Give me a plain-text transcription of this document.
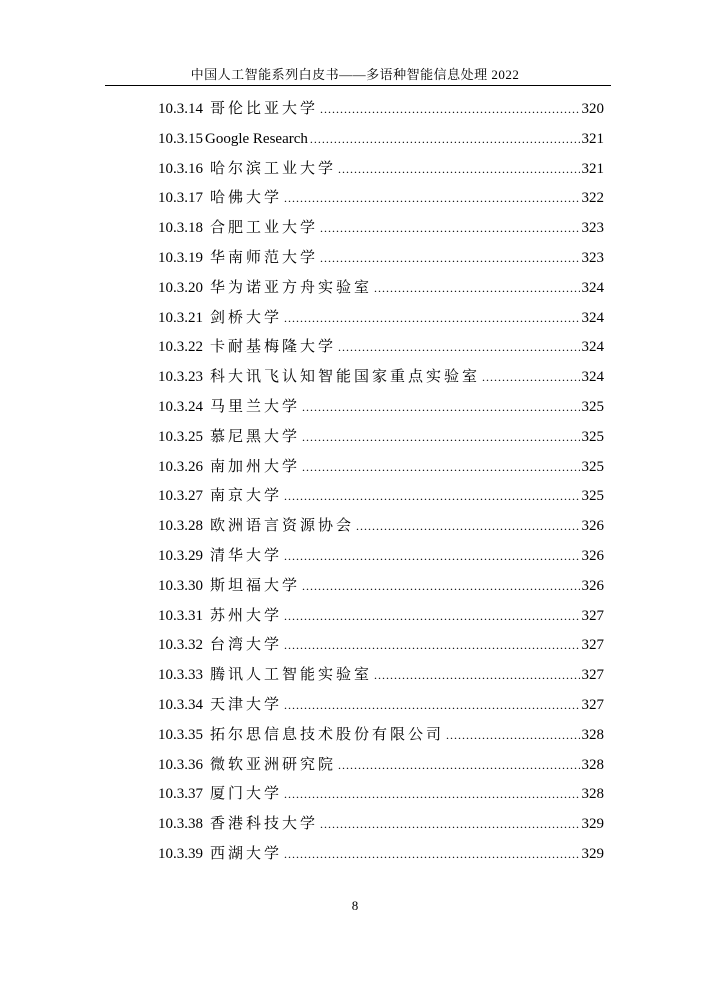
中国人工智能系列白皮书——多语种智能信息处理 2022
10.3.14 哥伦比亚大学 .....	320
10.3.15 Google Research .....	321
10.3.16 哈尔滨工业大学 .....	321
10.3.17 哈佛大学 .....	322
10.3.18 合肥工业大学 .....	323
10.3.19 华南师范大学 .....	323
10.3.20 华为诺亚方舟实验室 .....	324
10.3.21 剑桥大学 .....	324
10.3.22 卡耐基梅隆大学 .....	324
10.3.23 科大讯飞认知智能国家重点实验室 .....	324
10.3.24 马里兰大学 .....	325
10.3.25 慕尼黑大学 .....	325
10.3.26 南加州大学 .....	325
10.3.27 南京大学 .....	325
10.3.28 欧洲语言资源协会 .....	326
10.3.29 清华大学 .....	326
10.3.30 斯坦福大学 .....	326
10.3.31 苏州大学 .....	327
10.3.32 台湾大学 .....	327
10.3.33 腾讯人工智能实验室 .....	327
10.3.34 天津大学 .....	327
10.3.35 拓尔思信息技术股份有限公司 .....	328
10.3.36 微软亚洲研究院 .....	328
10.3.37 厦门大学 .....	328
10.3.38 香港科技大学 .....	329
10.3.39 西湖大学 .....	329
8
